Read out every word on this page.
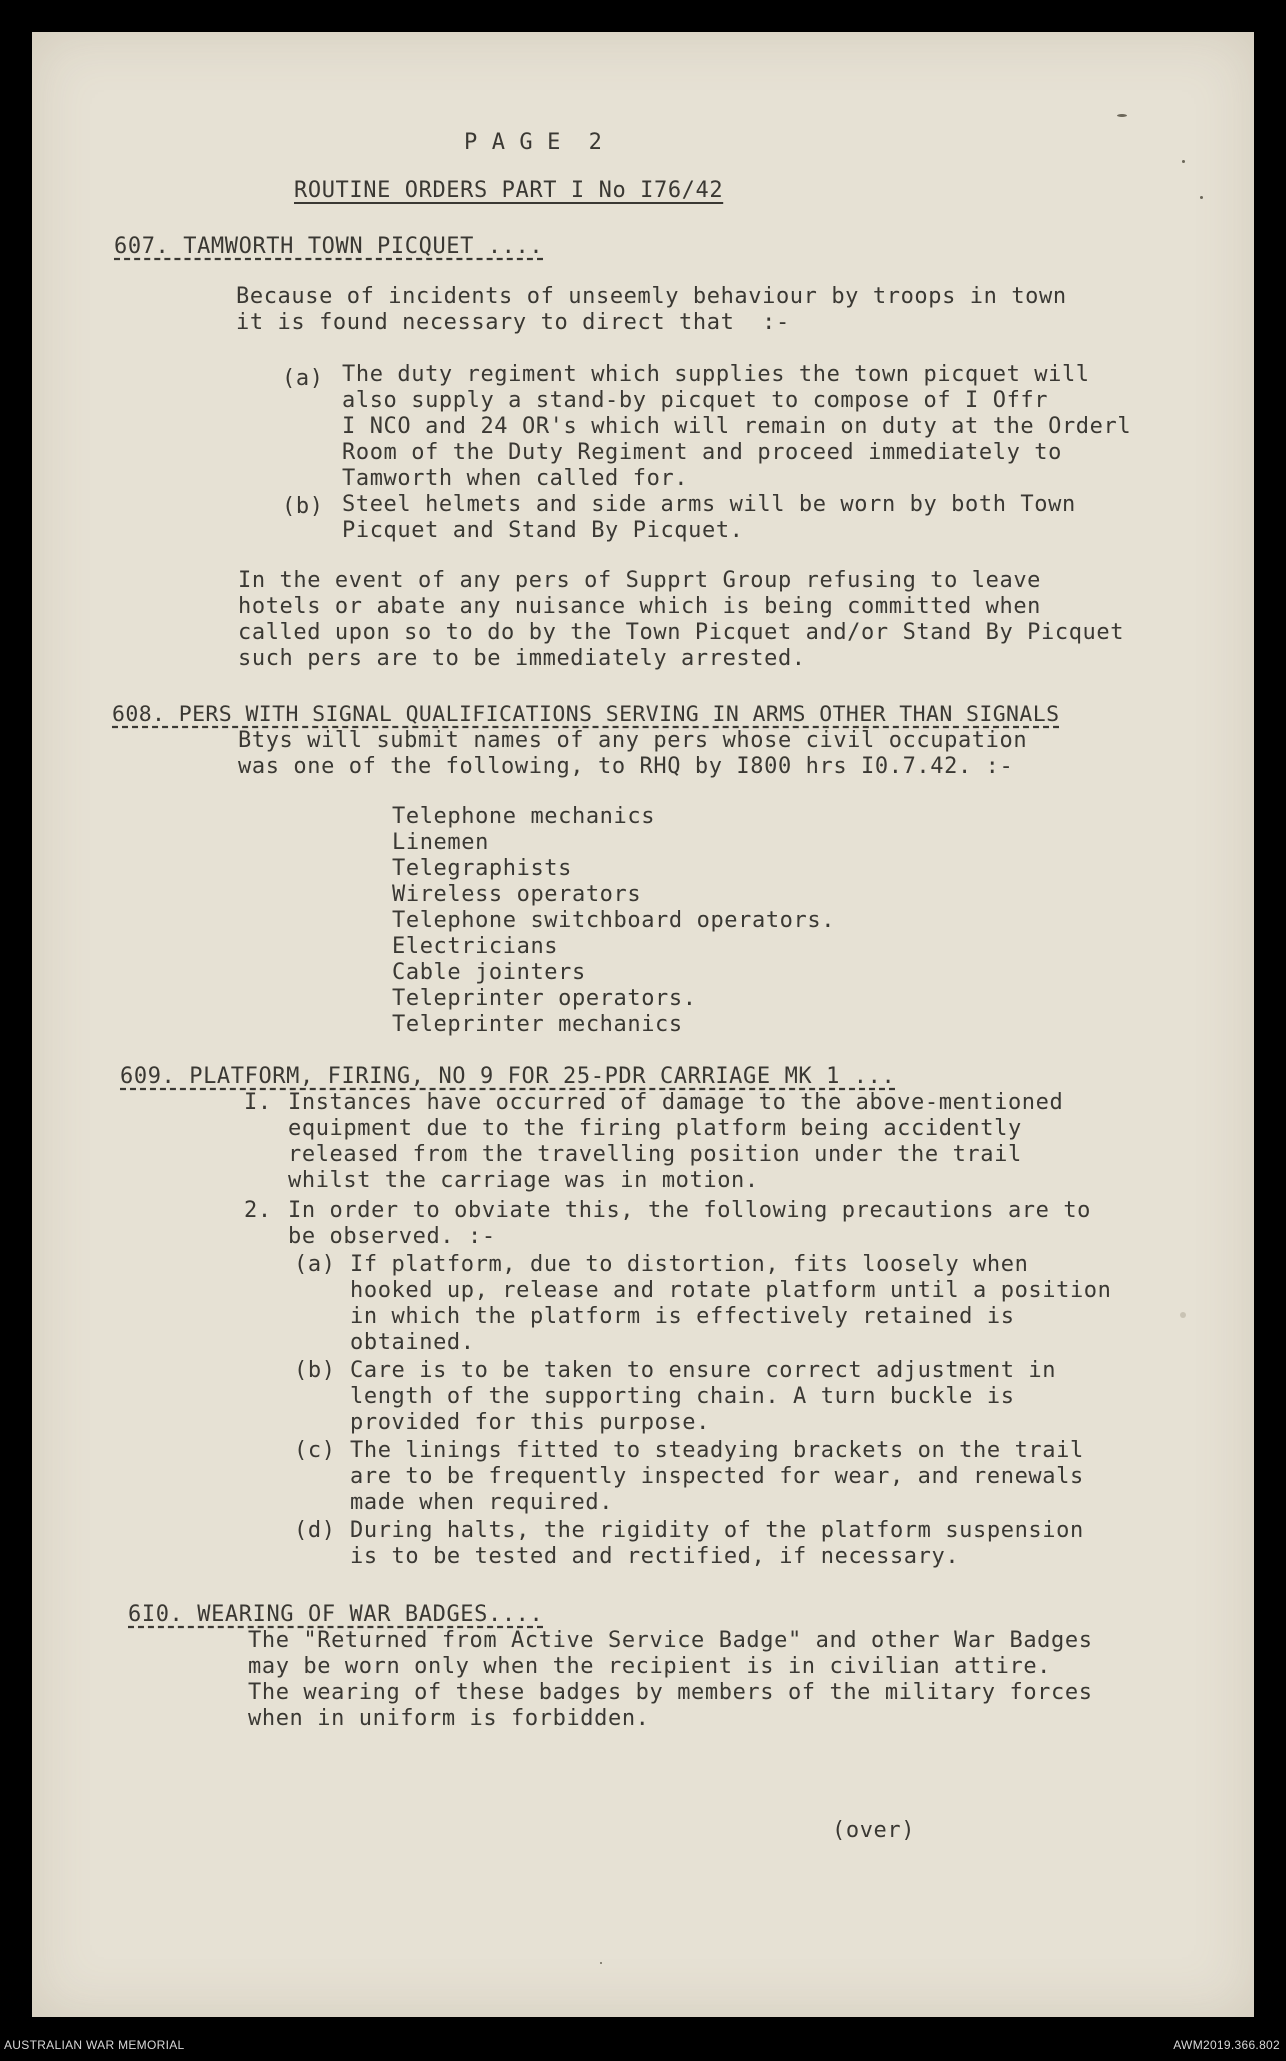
P A G E  2
ROUTINE ORDERS PART I No I76/42
607. TAMWORTH TOWN PICQUET ....
Because of incidents of unseemly behaviour by troops in town
it is found necessary to direct that  :-
(a) The duty regiment which supplies the town picquet will
also supply a stand-by picquet to compose of I Offr
I NCO and 24 OR's which will remain on duty at the Orderl
Room of the Duty Regiment and proceed immediately to
Tamworth when called for.
(b) Steel helmets and side arms will be worn by both Town
Picquet and Stand By Picquet.
In the event of any pers of Supprt Group refusing to leave
hotels or abate any nuisance which is being committed when
called upon so to do by the Town Picquet and/or Stand By Picquet
such pers are to be immediately arrested.
608. PERS WITH SIGNAL QUALIFICATIONS SERVING IN ARMS OTHER THAN SIGNALS
Btys will submit names of any pers whose civil occupation
was one of the following, to RHQ by I800 hrs I0.7.42. :-
Telephone mechanics
Linemen
Telegraphists
Wireless operators
Telephone switchboard operators.
Electricians
Cable jointers
Teleprinter operators.
Teleprinter mechanics
609. PLATFORM, FIRING, NO 9 FOR 25-PDR CARRIAGE MK 1 ...
I. Instances have occurred of damage to the above-mentioned
equipment due to the firing platform being accidently
released from the travelling position under the trail
whilst the carriage was in motion.
2. In order to obviate this, the following precautions are to
be observed. :-
(a) If platform, due to distortion, fits loosely when
hooked up, release and rotate platform until a position
in which the platform is effectively retained is
obtained.
(b) Care is to be taken to ensure correct adjustment in
length of the supporting chain. A turn buckle is
provided for this purpose.
(c) The linings fitted to steadying brackets on the trail
are to be frequently inspected for wear, and renewals
made when required.
(d) During halts, the rigidity of the platform suspension
is to be tested and rectified, if necessary.
6I0. WEARING OF WAR BADGES....
The "Returned from Active Service Badge" and other War Badges
may be worn only when the recipient is in civilian attire.
The wearing of these badges by members of the military forces
when in uniform is forbidden.
(over)
AUSTRALIAN WAR MEMORIAL	AWM2019.366.802
